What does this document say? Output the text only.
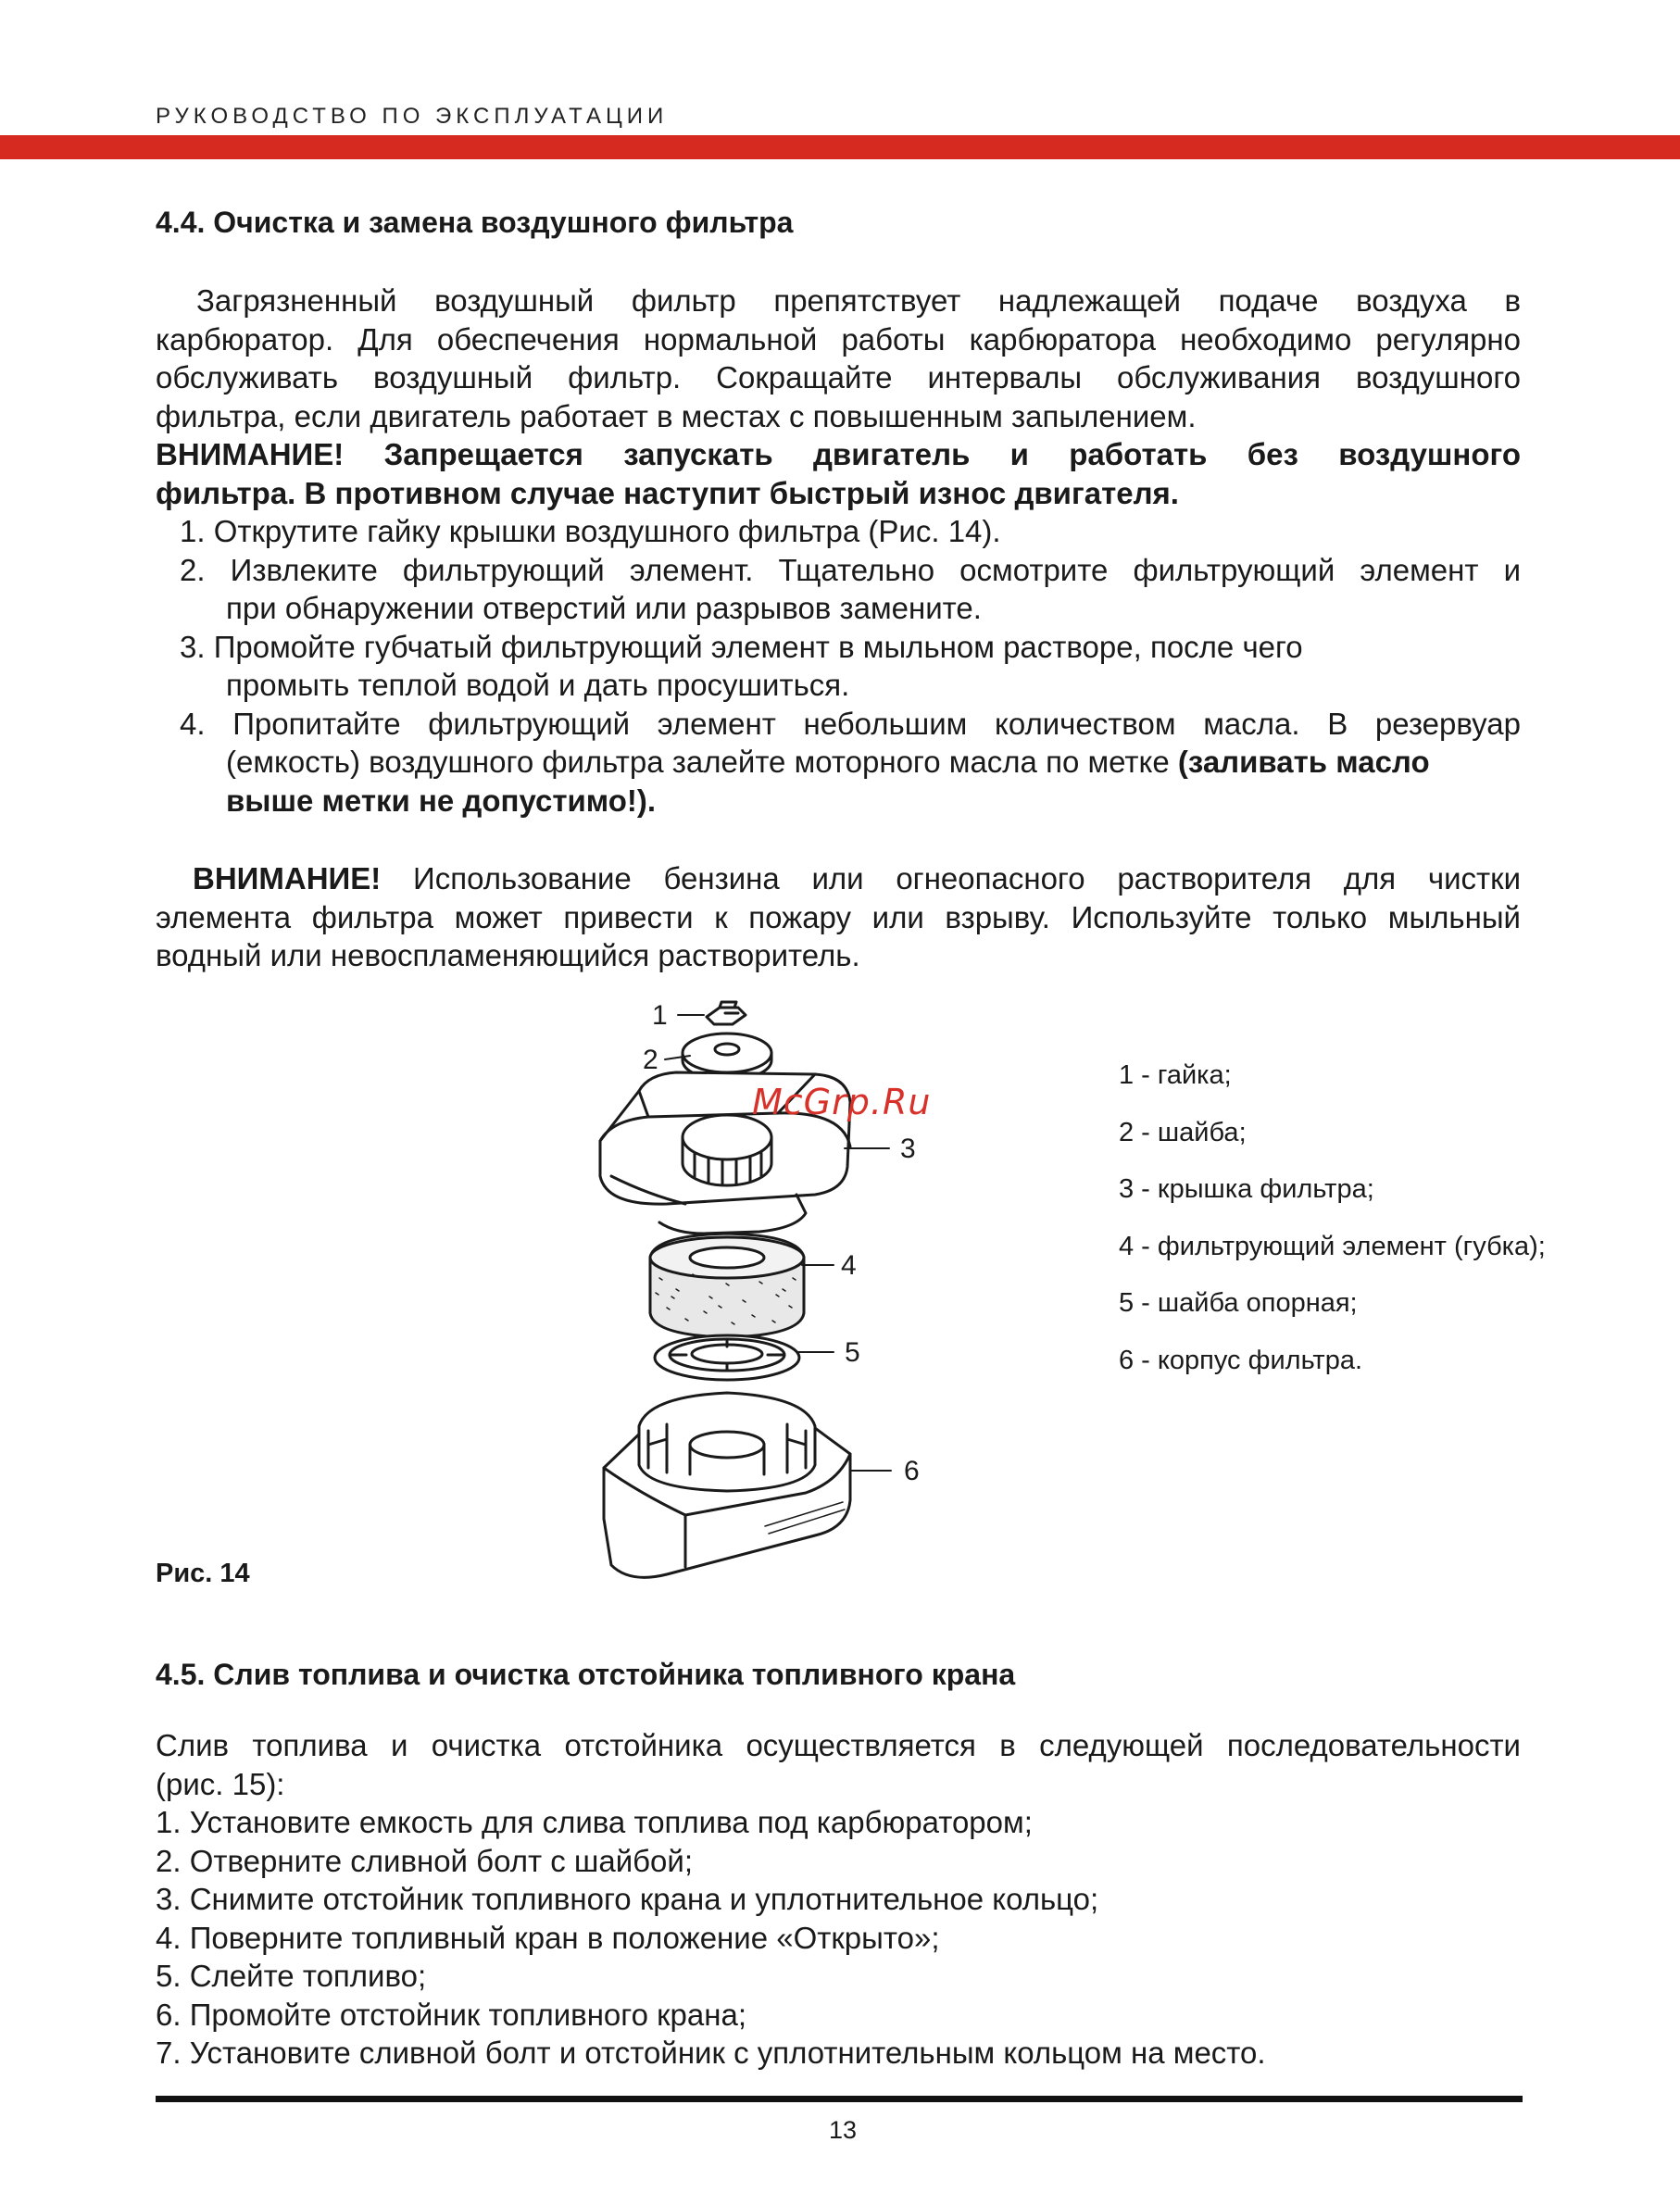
РУКОВОДСТВО ПО ЭКСПЛУАТАЦИИ
4.4. Очистка и замена воздушного фильтра

Загрязненный воздушный фильтр препятствует надлежащей подаче воздуха в

карбюратор. Для обеспечения нормальной работы карбюратора необходимо регулярно

обслуживать воздушный фильтр. Сокращайте интервалы обслуживания воздушного

фильтра, если двигатель работает в местах с повышенным запылением.

ВНИМАНИЕ! Запрещается запускать двигатель и работать без воздушного

фильтра. В противном случае наступит быстрый износ двигателя.

1. Открутите гайку крышки воздушного фильтра (Рис. 14).

2. Извлеките фильтрующий элемент. Тщательно осмотрите фильтрующий элемент и

при обнаружении отверстий или разрывов замените.

3. Промойте губчатый фильтрующий элемент в мыльном растворе, после чего

промыть теплой водой и дать просушиться.

4. Пропитайте фильтрующий элемент небольшим количеством масла. В резервуар

(емкость) воздушного фильтра залейте моторного масла по метке (заливать масло

выше метки не допустимо!).

ВНИМАНИЕ! Использование бензина или огнеопасного растворителя для чистки

элемента фильтра может привести к пожару или взрыву. Используйте только мыльный

водный или невоспламеняющийся растворитель.

1
2
3
4
5
6
McGrp.Ru
1 - гайка;
2 - шайба;
3 - крышка фильтра;
4 - фильтрующий элемент (губка);
5 - шайба опорная;
6 - корпус фильтра.
Рис. 14
4.5. Слив топлива и очистка отстойника топливного крана

Слив топлива и очистка отстойника осуществляется в следующей последовательности

(рис. 15):

1. Установите емкость для слива топлива под карбюратором;

2. Отверните сливной болт с шайбой;

3. Снимите отстойник топливного крана и уплотнительное кольцо;

4. Поверните топливный кран в положение «Открыто»;

5. Слейте топливо;

6. Промойте отстойник топливного крана;

7. Установите сливной болт и отстойник с уплотнительным кольцом на место.

13
